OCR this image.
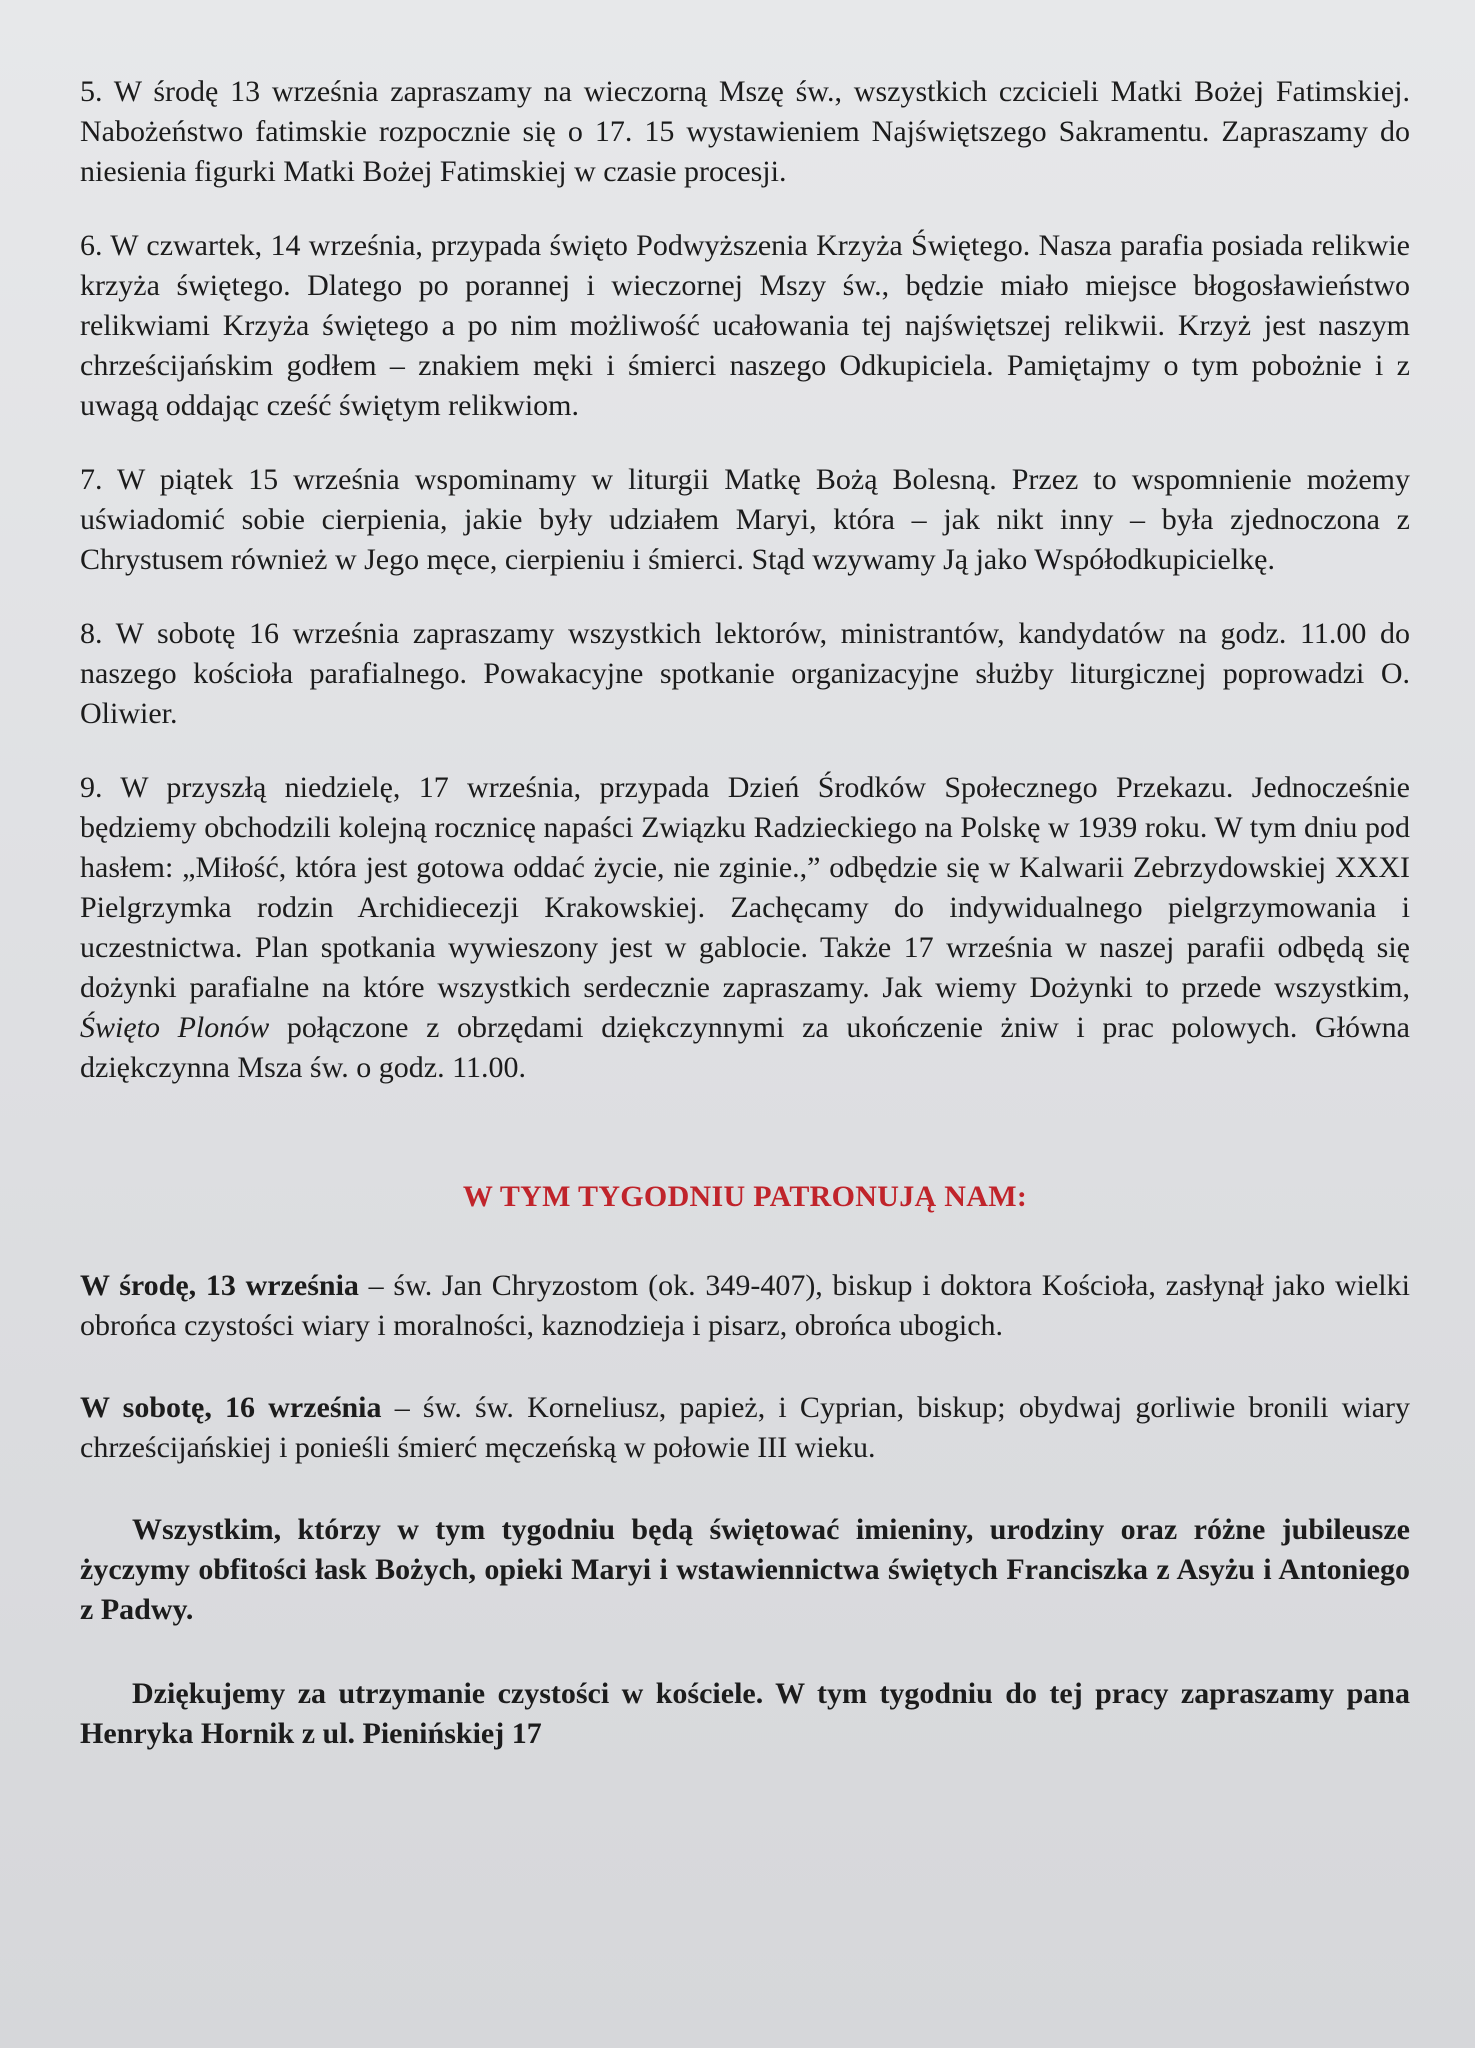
5. W środę 13 września zapraszamy na wieczorną Mszę św., wszystkich czcicieli Matki Bożej Fatimskiej. Nabożeństwo fatimskie rozpocznie się o 17. 15 wystawieniem Najświętszego Sakramentu. Zapraszamy do niesienia figurki Matki Bożej Fatimskiej w czasie procesji.

6. W czwartek, 14 września, przypada święto Podwyższenia Krzyża Świętego. Nasza parafia posiada relikwie krzyża świętego. Dlatego po porannej i wieczornej Mszy św., będzie miało miejsce błogosławieństwo relikwiami Krzyża świętego a po nim możliwość ucałowania tej najświętszej relikwii. Krzyż jest naszym chrześcijańskim godłem – znakiem męki i śmierci naszego Odkupiciela. Pamiętajmy o tym pobożnie i z uwagą oddając cześć świętym relikwiom.

7. W piątek 15 września wspominamy w liturgii Matkę Bożą Bolesną. Przez to wspomnienie możemy uświadomić sobie cierpienia, jakie były udziałem Maryi, która – jak nikt inny – była zjednoczona z Chrystusem również w Jego męce, cierpieniu i śmierci. Stąd wzywamy Ją jako Współodkupicielkę.

8. W sobotę 16 września zapraszamy wszystkich lektorów, ministrantów, kandydatów na godz. 11.00 do naszego kościoła parafialnego. Powakacyjne spotkanie organizacyjne służby liturgicznej poprowadzi O. Oliwier.

9. W przyszłą niedzielę, 17 września, przypada Dzień Środków Społecznego Przekazu. Jednocześnie będziemy obchodzili kolejną rocznicę napaści Związku Radzieckiego na Polskę w 1939 roku. W tym dniu pod hasłem: „Miłość, która jest gotowa oddać życie, nie zginie.,” odbędzie się w Kalwarii Zebrzydowskiej XXXI Pielgrzymka rodzin Archidiecezji Krakowskiej. Zachęcamy do indywidualnego pielgrzymowania i uczestnictwa. Plan spotkania wywieszony jest w gablocie. Także 17 września w naszej parafii odbędą się dożynki parafialne na które wszystkich serdecznie zapraszamy. Jak wiemy Dożynki to przede wszystkim, Święto Plonów połączone z obrzędami dziękczynnymi za ukończenie żniw i prac polowych. Główna dziękczynna Msza św. o godz. 11.00.

W TYM TYGODNIU PATRONUJĄ NAM:
W środę, 13 września – św. Jan Chryzostom (ok. 349-407), biskup i doktora Kościoła, zasłynął jako wielki obrońca czystości wiary i moralności, kaznodzieja i pisarz, obrońca ubogich.
W sobotę, 16 września – św. św. Korneliusz, papież, i Cyprian, biskup; obydwaj gorliwie bronili wiary chrześcijańskiej i ponieśli śmierć męczeńską w połowie III wieku.
Wszystkim, którzy w tym tygodniu będą świętować imieniny, urodziny oraz różne jubileusze życzymy obfitości łask Bożych, opieki Maryi i wstawiennictwa świętych Franciszka z Asyżu i Antoniego z Padwy.
Dziękujemy za utrzymanie czystości w kościele. W tym tygodniu do tej pracy zapraszamy pana Henryka Hornik z ul. Pienińskiej 17
